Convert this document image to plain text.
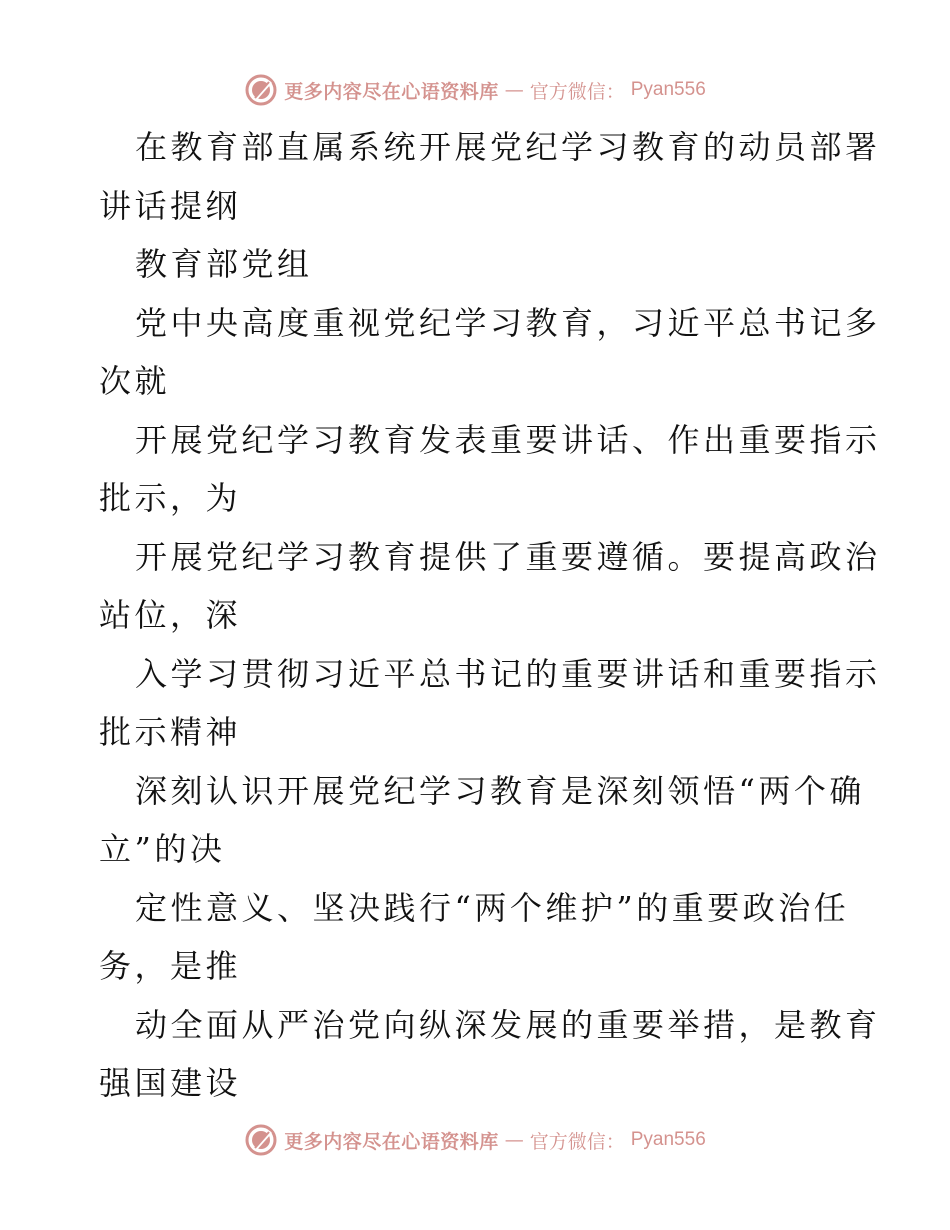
更多内容尽在心语资料库 — 官方微信： Pyan556
在教育部直属系统开展党纪学习教育的动员部署
讲话提纲
教育部党组
党中央高度重视党纪学习教育，习近平总书记多
次就
开展党纪学习教育发表重要讲话、作出重要指示
批示，为
开展党纪学习教育提供了重要遵循。要提高政治
站位，深
入学习贯彻习近平总书记的重要讲话和重要指示
批示精神
深刻认识开展党纪学习教育是深刻领悟“两个确
立”的决
定性意义、坚决践行“两个维护”的重要政治任
务，是推
动全面从严治党向纵深发展的重要举措，是教育
强国建设
更多内容尽在心语资料库 — 官方微信： Pyan556
